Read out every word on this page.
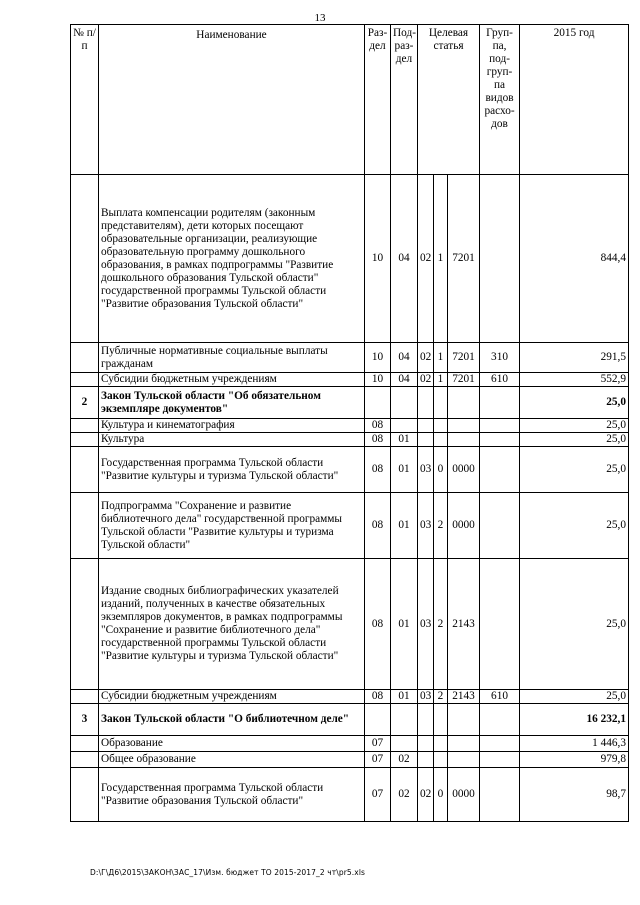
13
№ п/п	Наименование	Раз-дел	Под-раз-дел	Целевая статья			Груп-па, под-груп-па видов расхо-дов	2015 год
	Выплата компенсации родителям (законным представителям), дети которых посещают образовательные организации, реализующие образовательную программу дошкольного образования, в рамках подпрограммы "Развитие дошкольного образования Тульской области" государственной программы Тульской области "Развитие образования Тульской области"	10	04	02	1	7201		844,4
	Публичные нормативные социальные выплаты гражданам	10	04	02	1	7201	310	291,5
	Субсидии бюджетным учреждениям	10	04	02	1	7201	610	552,9
2	Закон Тульской области "Об обязательном экземпляре документов"							25,0
	Культура и кинематография	08						25,0
	Культура	08	01					25,0
	Государственная программа Тульской области "Развитие культуры и туризма Тульской области"	08	01	03	0	0000		25,0
	Подпрограмма "Сохранение и развитие библиотечного дела" государственной программы Тульской области "Развитие культуры и туризма Тульской области"	08	01	03	2	0000		25,0
	Издание сводных библиографических указателей изданий, полученных в качестве обязательных экземпляров документов, в рамках подпрограммы "Сохранение и развитие библиотечного дела" государственной программы Тульской области "Развитие культуры и туризма Тульской области"	08	01	03	2	2143		25,0
	Субсидии бюджетным учреждениям	08	01	03	2	2143	610	25,0
3	Закон Тульской области "О библиотечном деле"							16 232,1
	Образование	07						1 446,3
	Общее образование	07	02					979,8
	Государственная программа Тульской области "Развитие образования Тульской области"	07	02	02	0	0000		98,7
D:\Г\Д6\2015\ЗАКОН\ЗАС_17\Изм. бюджет ТО 2015-2017_2 чт\pr5.xls
